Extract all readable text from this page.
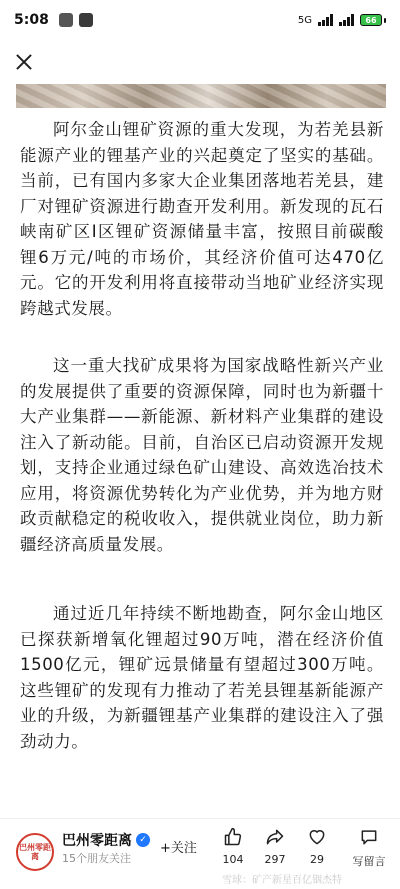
5:08	5G	66

阿尔金山锂矿资源的重大发现，为若羌县新能源产业的锂基产业的兴起奠定了坚实的基础。当前，已有国内多家大企业集团落地若羌县，建厂对锂矿资源进行勘查开发利用。新发现的瓦石峡南矿区I区锂矿资源储量丰富，按照目前碳酸锂6万元/吨的市场价，其经济价值可达470亿元。它的开发利用将直接带动当地矿业经济实现跨越式发展。

这一重大找矿成果将为国家战略性新兴产业的发展提供了重要的资源保障，同时也为新疆十大产业集群——新能源、新材料产业集群的建设注入了新动能。目前，自治区已启动资源开发规划，支持企业通过绿色矿山建设、高效选冶技术应用，将资源优势转化为产业优势，并为地方财政贡献稳定的税收收入，提供就业岗位，助力新疆经济高质量发展。

通过近几年持续不断地勘查，阿尔金山地区已探获新增氧化锂超过90万吨，潜在经济价值1500亿元，锂矿远景储量有望超过300万吨。这些锂矿的发现有力推动了若羌县锂基新能源产业的升级，为新疆锂基产业集群的建设注入了强劲动力。

巴州零距离
巴州零距离 ✓
15个朋友关注
+关注
104 297 29	写留言
雪球：矿产新星百亿铟杰特
